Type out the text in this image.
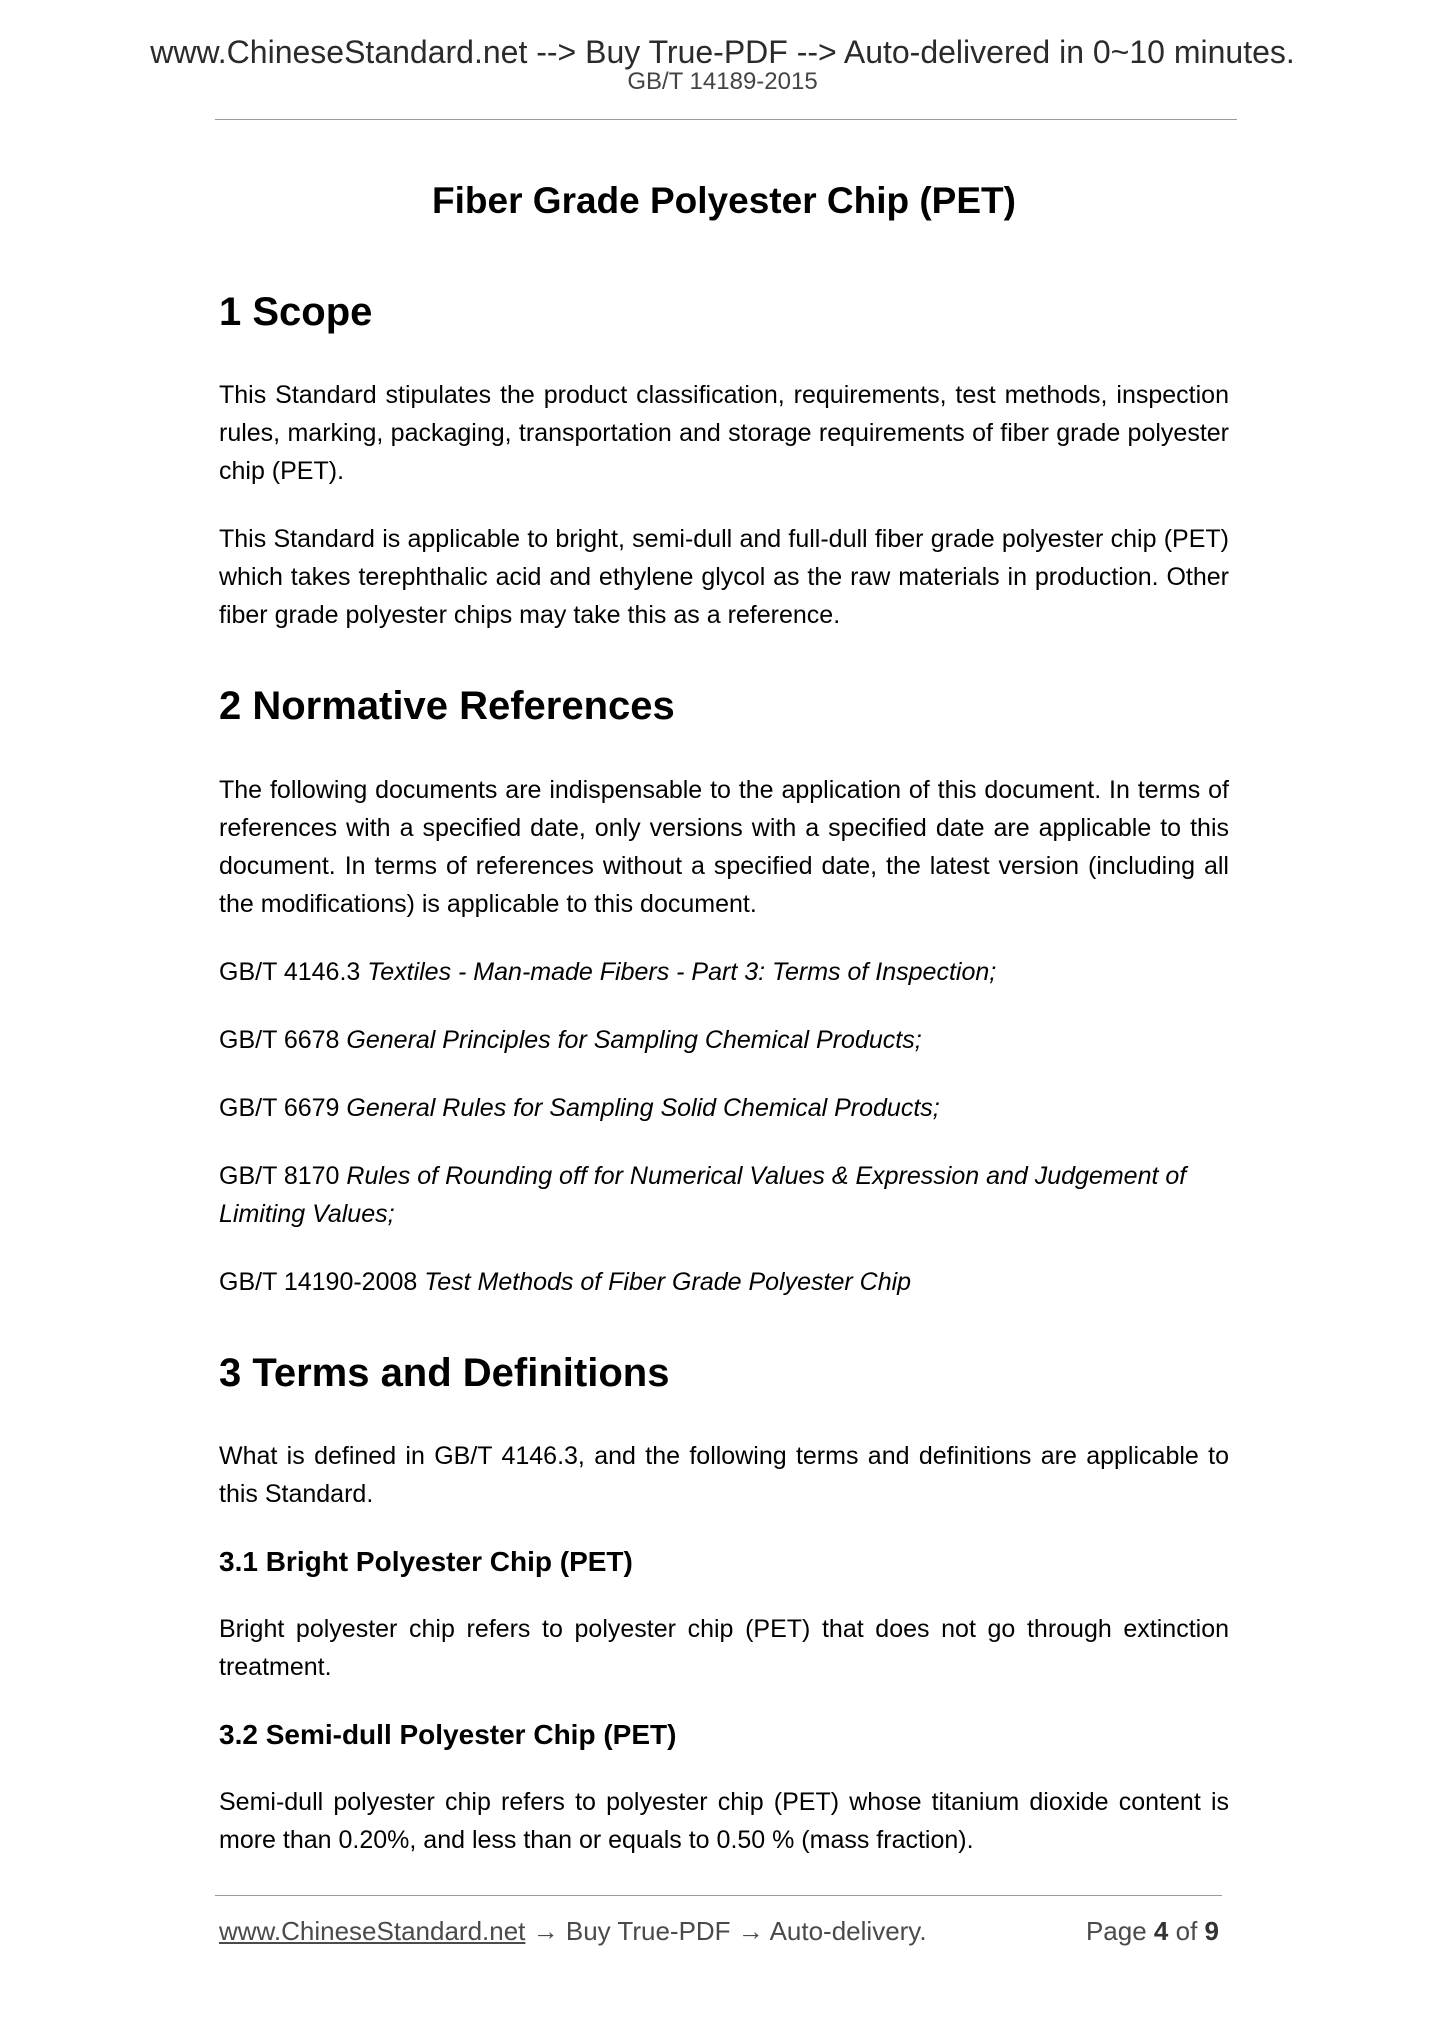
www.ChineseStandard.net --> Buy True-PDF --> Auto-delivered in 0~10 minutes.
GB/T 14189-2015
Fiber Grade Polyester Chip (PET)
1 Scope

This Standard stipulates the product classification, requirements, test methods, inspection rules, marking, packaging, transportation and storage requirements of fiber grade polyester chip (PET).

This Standard is applicable to bright, semi-dull and full-dull fiber grade polyester chip (PET) which takes terephthalic acid and ethylene glycol as the raw materials in production. Other fiber grade polyester chips may take this as a reference.

2 Normative References

The following documents are indispensable to the application of this document. In terms of references with a specified date, only versions with a specified date are applicable to this document. In terms of references without a specified date, the latest version (including all the modifications) is applicable to this document.

GB/T 4146.3 Textiles - Man-made Fibers - Part 3: Terms of Inspection;

GB/T 6678 General Principles for Sampling Chemical Products;

GB/T 6679 General Rules for Sampling Solid Chemical Products;

GB/T 8170 Rules of Rounding off for Numerical Values & Expression and Judgement of Limiting Values;

GB/T 14190-2008 Test Methods of Fiber Grade Polyester Chip

3 Terms and Definitions

What is defined in GB/T 4146.3, and the following terms and definitions are applicable to this Standard.

3.1 Bright Polyester Chip (PET)

Bright polyester chip refers to polyester chip (PET) that does not go through extinction treatment.

3.2 Semi-dull Polyester Chip (PET)

Semi-dull polyester chip refers to polyester chip (PET) whose titanium dioxide content is more than 0.20%, and less than or equals to 0.50 % (mass fraction).

www.ChineseStandard.net → Buy True-PDF → Auto-delivery.	Page 4 of 9
